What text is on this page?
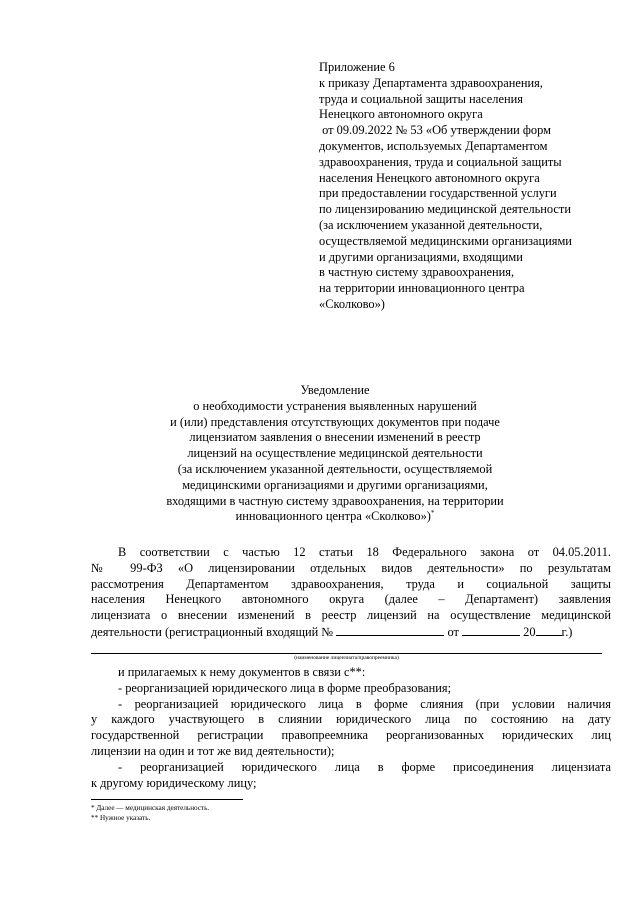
Приложение 6
к приказу Департамента здравоохранения,
труда и социальной защиты населения
Ненецкого автономного округа
от 09.09.2022 № 53 «Об утверждении форм
документов, используемых Департаментом
здравоохранения, труда и социальной защиты
населения Ненецкого автономного округа
при предоставлении государственной услуги
по лицензированию медицинской деятельности
(за исключением указанной деятельности,
осуществляемой медицинскими организациями
и другими организациями, входящими
в частную систему здравоохранения,
на территории инновационного центра
«Сколково»)
Уведомление
о необходимости устранения выявленных нарушений
и (или) представления отсутствующих документов при подаче
лицензиатом заявления о внесении изменений в реестр
лицензий на осуществление медицинской деятельности
(за исключением указанной деятельности, осуществляемой
медицинскими организациями и другими организациями,
входящими в частную систему здравоохранения, на территории
инновационного центра «Сколково»)*
В соответствии с частью 12 статьи 18 Федерального закона от 04.05.2011.
№ 99-ФЗ «О лицензировании отдельных видов деятельности» по результатам
рассмотрения Департаментом здравоохранения, труда и социальной защиты
населения Ненецкого автономного округа (далее – Департамент) заявления
лицензиата о внесении изменений в реестр лицензий на осуществление медицинской
деятельности (регистрационный входящий №	от	20 г.)
(наименование лицензиата/правопреемника)
и прилагаемых к нему документов в связи с**:
- реорганизацией юридического лица в форме преобразования;
- реорганизацией юридического лица в форме слияния (при условии наличия
у каждого участвующего в слиянии юридического лица по состоянию на дату
государственной регистрации правопреемника реорганизованных юридических лиц
лицензии на один и тот же вид деятельности);
- реорганизацией юридического лица в форме присоединения лицензиата
к другому юридическому лицу;
* Далее — медицинская деятельность.
** Нужное указать.
